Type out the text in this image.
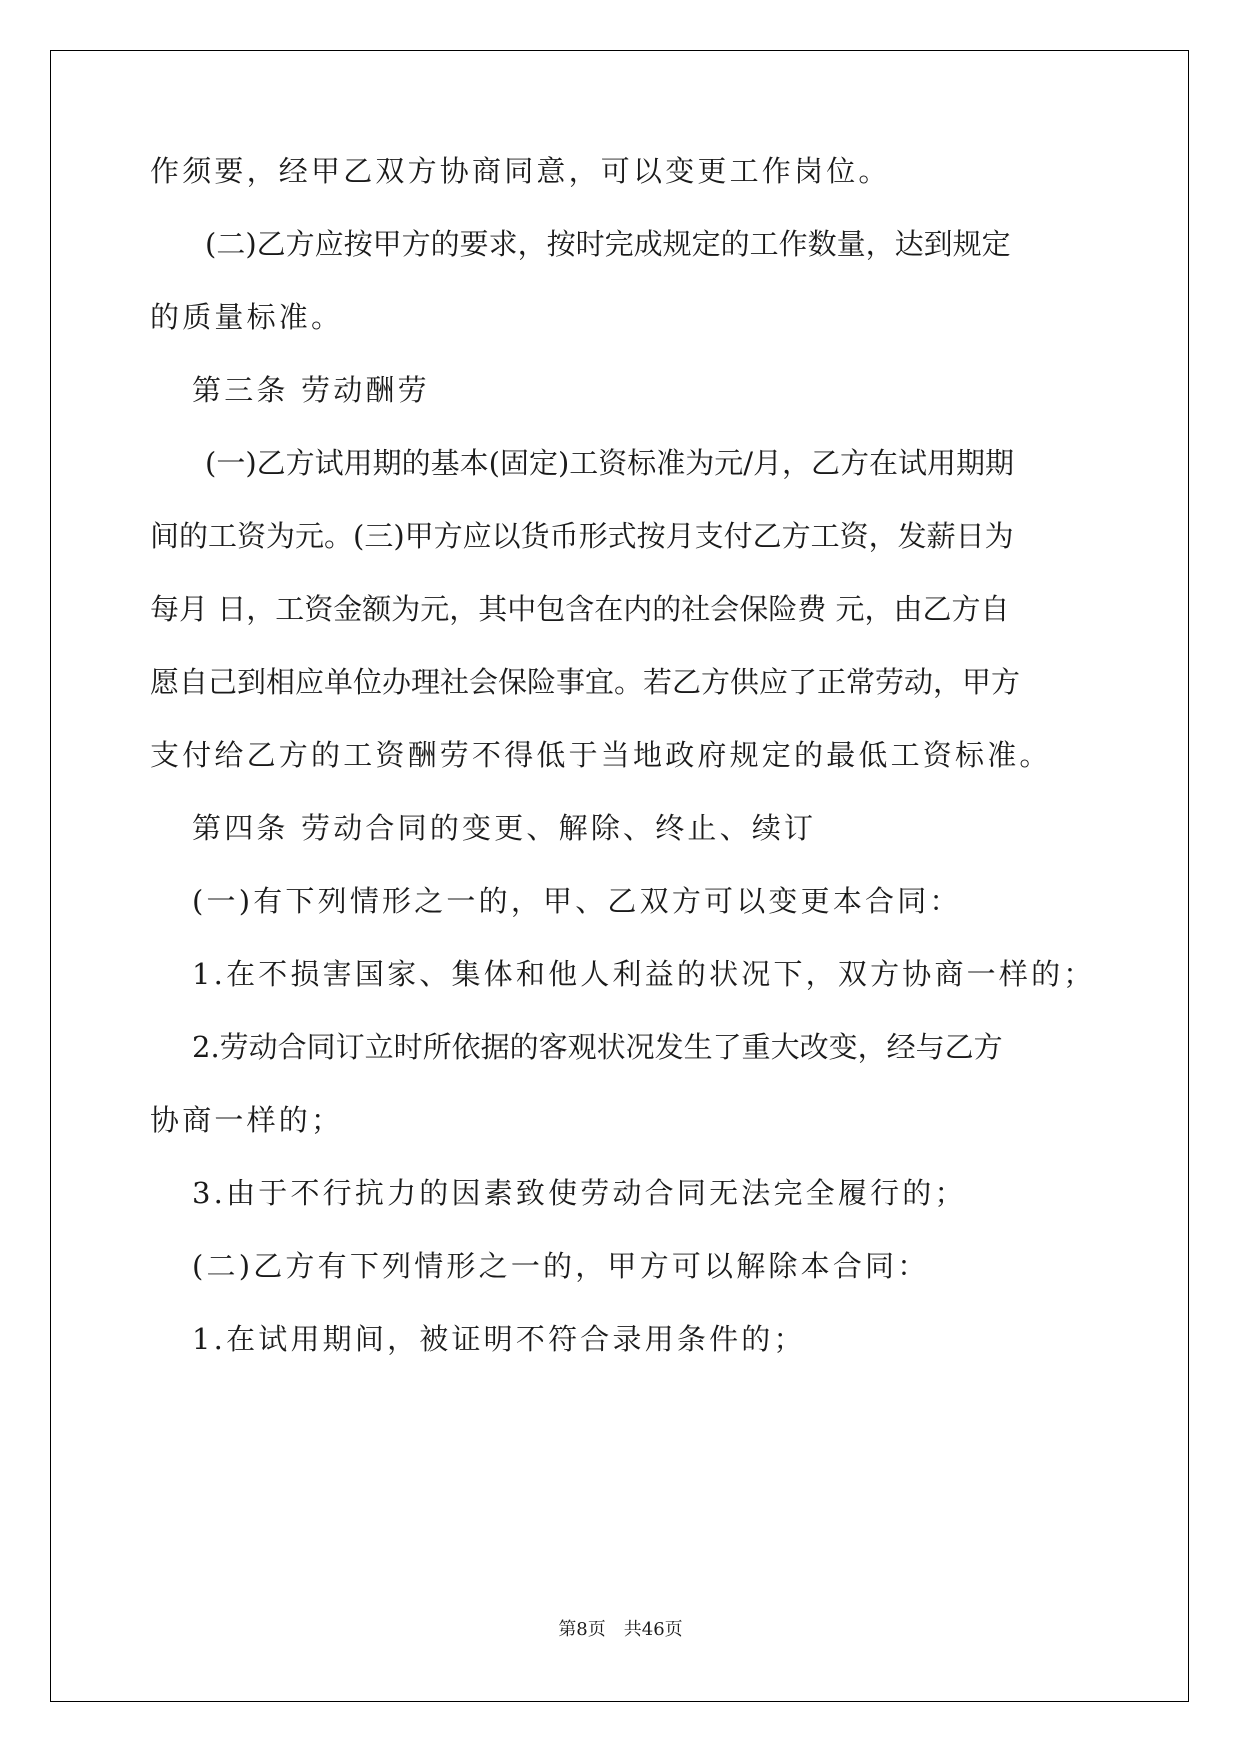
作须要，经甲乙双方协商同意，可以变更工作岗位。

(二)乙方应按甲方的要求，按时完成规定的工作数量，达到规定

的质量标准。

第三条 劳动酬劳

(一)乙方试用期的基本(固定)工资标准为元/月，乙方在试用期期

间的工资为元。(三)甲方应以货币形式按月支付乙方工资，发薪日为

每月 日，工资金额为元，其中包含在内的社会保险费 元，由乙方自

愿自己到相应单位办理社会保险事宜。若乙方供应了正常劳动，甲方

支付给乙方的工资酬劳不得低于当地政府规定的最低工资标准。

第四条 劳动合同的变更、解除、终止、续订

(一)有下列情形之一的，甲、乙双方可以变更本合同：

1.在不损害国家、集体和他人利益的状况下，双方协商一样的；

2.劳动合同订立时所依据的客观状况发生了重大改变，经与乙方

协商一样的；

3.由于不行抗力的因素致使劳动合同无法完全履行的；

(二)乙方有下列情形之一的，甲方可以解除本合同：

1.在试用期间，被证明不符合录用条件的；

第8页　共46页
